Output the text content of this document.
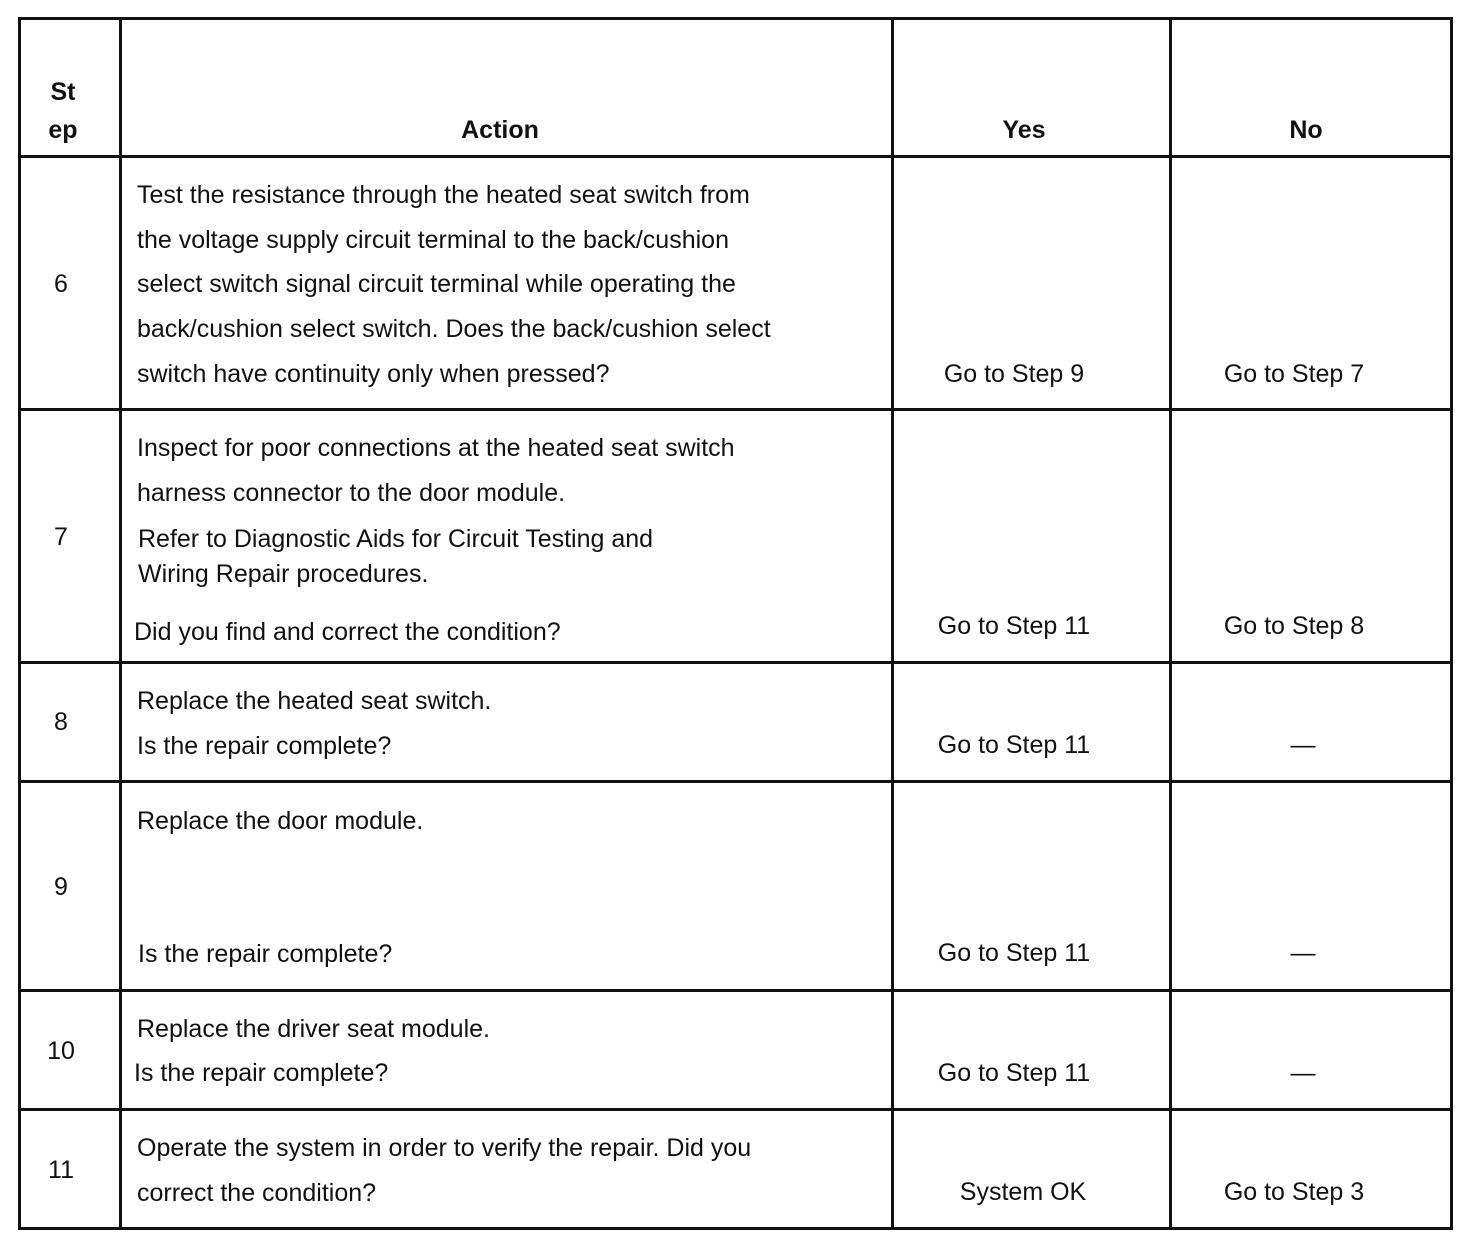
St
ep	Action	Yes	No
6
Test the resistance through the heated seat switch from
the voltage supply circuit terminal to the back/cushion
select switch signal circuit terminal while operating the
back/cushion select switch. Does the back/cushion select
switch have continuity only when pressed?	Go to Step 9	Go to Step 7
7
Inspect for poor connections at the heated seat switch
harness connector to the door module.
Refer to Diagnostic Aids for Circuit Testing and
Wiring Repair procedures.
Did you find and correct the condition?	Go to Step 11	Go to Step 8
8
Replace the heated seat switch.
Is the repair complete?	Go to Step 11	—
9
Replace the door module.
Is the repair complete?	Go to Step 11	—
10
Replace the driver seat module.
Is the repair complete?	Go to Step 11	—
11
Operate the system in order to verify the repair. Did you
correct the condition?	System OK	Go to Step 3
